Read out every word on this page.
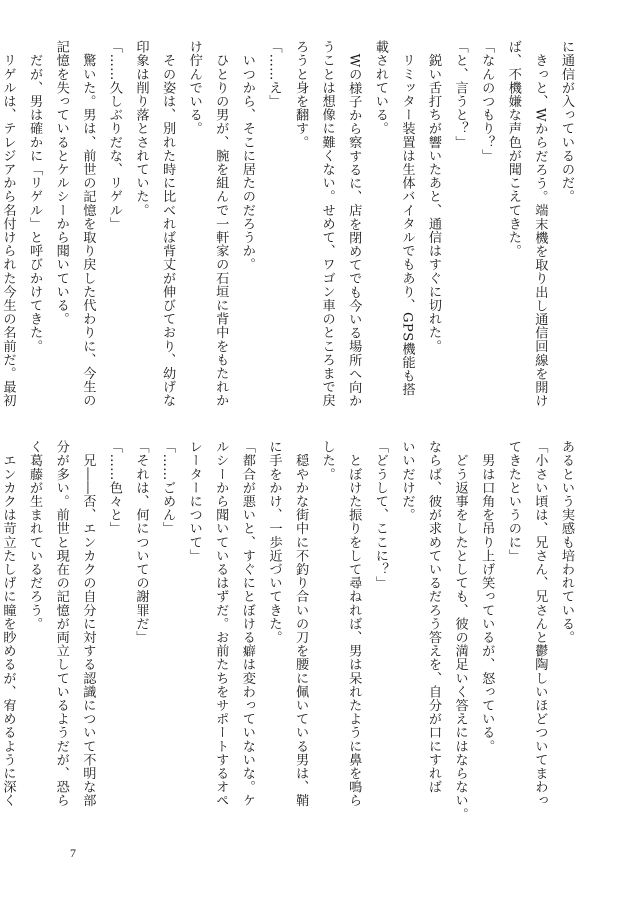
に通信が入っているのだ。
　きっと、Wからだろう。端末機を取り出し通信回線を開け
ば、不機嫌な声色が聞こえてきた。
「なんのつもり？」
「と、言うと？」
　鋭い舌打ちが響いたあと、通信はすぐに切れた。
　リミッター装置は生体バイタルでもあり、GPS機能も搭
載されている。
　Wの様子から察するに、店を閉めてでも今いる場所へ向か
うことは想像に難くない。せめて、ワゴン車のところまで戻
ろうと身を翻す。
「……え」
　いつから、そこに居たのだろうか。
　ひとりの男が、腕を組んで一軒家の石垣に背中をもたれか
け佇んでいる。
　その姿は、別れた時に比べれば背丈が伸びており、幼げな
印象は削り落とされていた。
「……久しぶりだな、リゲル」
　驚いた。男は、前世の記憶を取り戻した代わりに、今生の
記憶を失っているとケルシーから聞いている。
　だが、男は確かに「リゲル」と呼びかけてきた。
　リゲルは、テレジアから名付けられた今生の名前だ。最初
あるという実感も培われている。
「小さい頃は、兄さん、兄さんと鬱陶しいほどついてまわっ
てきたというのに」
　男は口角を吊り上げ笑っているが、怒っている。
　どう返事をしたとしても、彼の満足いく答えにはならない。
ならば、彼が求めているだろう答えを、自分が口にすれば
いいだけだ。
「どうして、ここに？」
　とぼけた振りをして尋ねれば、男は呆れたように鼻を鳴ら
した。
　穏やかな街中に不釣り合いの刀を腰に佩いている男は、鞘
に手をかけ、一歩近づいてきた。
「都合が悪いと、すぐにとぼける癖は変わっていないな。ケ
ルシーから聞いているはずだ。お前たちをサポートするオペ
レーターについて」
「……ごめん」
「それは、何についての謝罪だ」
「……色々と」
　兄――否、エンカクの自分に対する認識について不明な部
分が多い。前世と現在の記憶が両立しているようだが、恐ら
く葛藤が生まれているだろう。
　エンカクは苛立たしげに瞳を眇めるが、宥めるように深く
7
